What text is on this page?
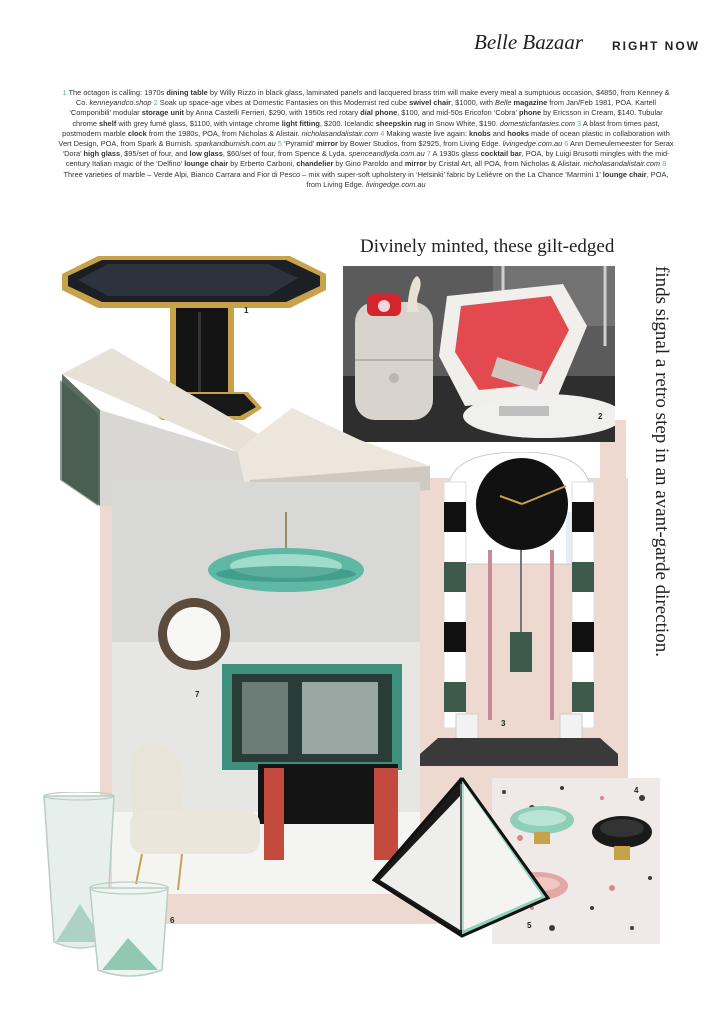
Belle Bazaar RIGHT NOW
1 The octagon is calling: 1970s dining table by Willy Rizzo in black glass, laminated panels and lacquered brass trim will make every meal a sumptuous occasion, $4850, from Kenney & Co. kenneyandco.shop 2 Soak up space-age vibes at Domestic Fantasies on this Modernist red cube swivel chair, $1000, with Belle magazine from Jan/Feb 1981, POA. Kartell ‘Componibili’ modular storage unit by Anna Castelli Ferrieri, $290, with 1950s red rotary dial phone, $100, and mid-50s Ericofon ‘Cobra’ phone by Ericsson in Cream, $140. Tubular chrome shelf with grey fumé glass, $1100, with vintage chrome light fitting, $200. Icelandic sheepskin rug in Snow White, $190. domesticfantasies.com 3 A blast from times past, postmodern marble clock from the 1980s, POA, from Nicholas & Alistair. nicholasandalistair.com 4 Making waste live again: knobs and hooks made of ocean plastic in collaboration with Vert Design, POA, from Spark & Burnish. sparkandburnish.com.au 5 ‘Pyramid’ mirror by Bower Studios, from $2925, from Living Edge. livingedge.com.au 6 Ann Demeulemeester for Serax ‘Dora’ high glass, $95/set of four, and low glass, $60/set of four, from Spence & Lyda. spenceandlyda.com.au 7 A 1930s glass cocktail bar, POA, by Luigi Brusotti mingles with the mid-century Italian magic of the ‘Delfino’ lounge chair by Erberto Carboni, chandelier by Gino Paroldo and mirror by Cristal Art, all POA, from Nicholas & Alistair. nicholasandalistair.com 8 Three varieties of marble – Verde Alpi, Bianco Carrara and Fior di Pesco – mix with super-soft upholstery in ‘Helsinki’ fabric by Lelièvre on the La Chance ‘Marmini 1’ lounge chair, POA, from Living Edge. livingedge.com.au
Divinely minted, these gilt-edged
finds signal a retro step in an avant-garde direction.
1
2
7
3
4
5
6
